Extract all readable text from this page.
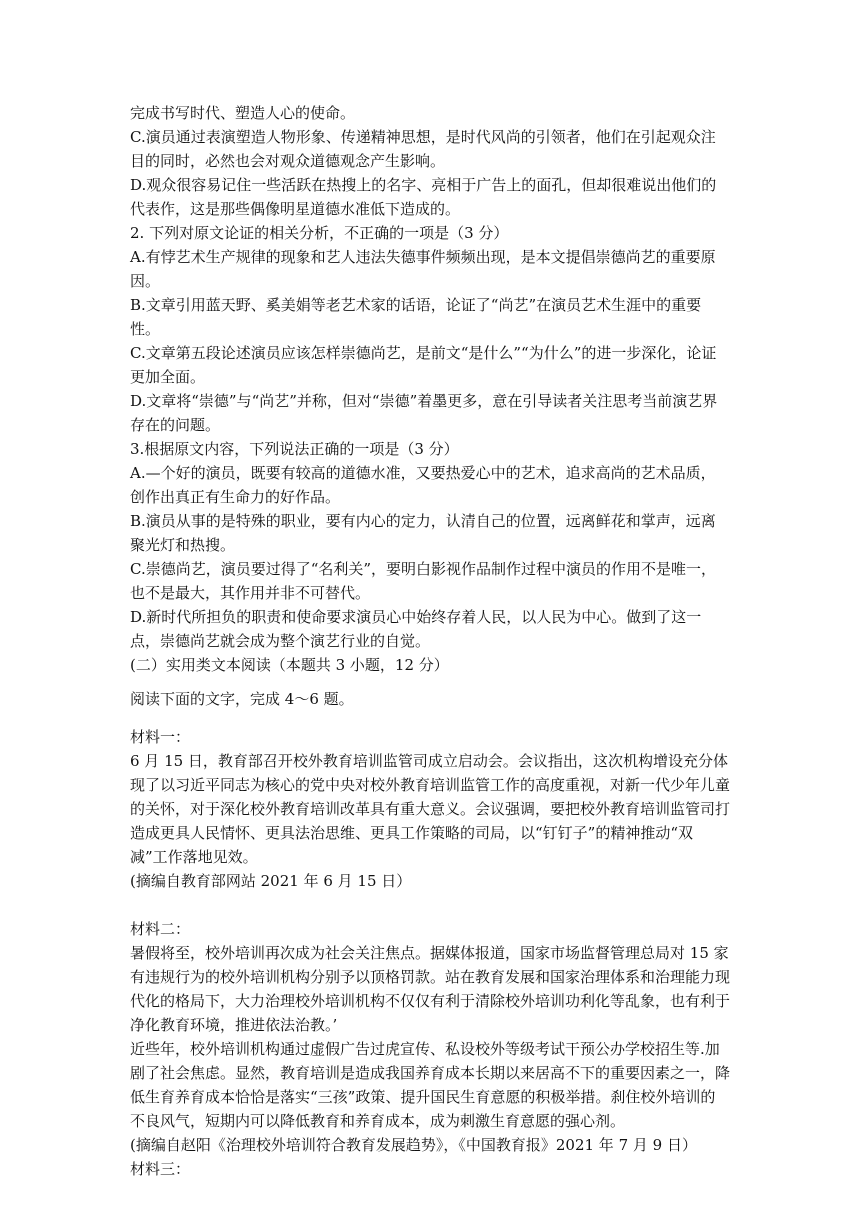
完成书写时代、塑造人心的使命。

C.演员通过表演塑造人物形象、传递精神思想，是时代风尚的引领者，他们在引起观众注目的同时，必然也会对观众道德观念产生影响。

D.观众很容易记住一些活跃在热搜上的名字、亮相于广告上的面孔，但却很难说出他们的代表作，这是那些偶像明星道德水准低下造成的。

2. 下列对原文论证的相关分析，不正确的一项是（3 分）

A.有悖艺术生产规律的现象和艺人违法失德事件频频出现，是本文提倡崇德尚艺的重要原因。

B.文章引用蓝天野、奚美娟等老艺术家的话语，论证了“尚艺”在演员艺术生涯中的重要性。

C.文章第五段论述演员应该怎样崇德尚艺，是前文“是什么”“为什么”的进一步深化，论证更加全面。

D.文章将“崇德”与“尚艺”并称，但对“崇德”着墨更多，意在引导读者关注思考当前演艺界存在的问题。

3.根据原文内容，下列说法正确的一项是（3 分）

A.—个好的演员，既要有较高的道德水准，又要热爱心中的艺术，追求高尚的艺术品质，创作出真正有生命力的好作品。

B.演员从事的是特殊的职业，要有内心的定力，认清自己的位置，远离鲜花和掌声，远离聚光灯和热搜。

C.崇德尚艺，演员要过得了“名利关”，要明白影视作品制作过程中演员的作用不是唯一，也不是最大，其作用并非不可替代。

D.新时代所担负的职责和使命要求演员心中始终存着人民，以人民为中心。做到了这一点，崇德尚艺就会成为整个演艺行业的自觉。

(二）实用类文本阅读（本题共 3 小题，12 分）

阅读下面的文字，完成 4〜6 题。

材料一：

6 月 15 日，教育部召开校外教育培训监管司成立启动会。会议指出，这次机构增设充分体现了以习近平同志为核心的党中央对校外教育培训监管工作的高度重视，对新一代少年儿童的关怀，对于深化校外教育培训改革具有重大意义。会议强调，要把校外教育培训监管司打造成更具人民情怀、更具法治思维、更具工作策略的司局，以“钉钉子”的精神推动“双减”工作落地见效。

(摘编自教育部网站 2021 年 6 月 15 日）

材料二：

暑假将至，校外培训再次成为社会关注焦点。据媒体报道，国家市场监督管理总局对 15 家有违规行为的校外培训机构分别予以顶格罚款。站在教育发展和国家治理体系和治理能力现代化的格局下，大力治理校外培训机构不仅仅有利于清除校外培训功利化等乱象，也有利于净化教育环境，推进依法治教。’

近些年，校外培训机构通过虚假广告过虎宣传、私设校外等级考试干预公办学校招生等.加剧了社会焦虑。显然，教育培训是造成我国养育成本长期以来居高不下的重要因素之一，降低生育养育成本恰恰是落实“三孩”政策、提升国民生育意愿的积极举措。刹住校外培训的不良风气，短期内可以降低教育和养育成本，成为刺激生育意愿的强心剂。

(摘编自赵阳《治理校外培训符合教育发展趋势》，《中国教育报》2021 年 7 月 9 日）

材料三：
